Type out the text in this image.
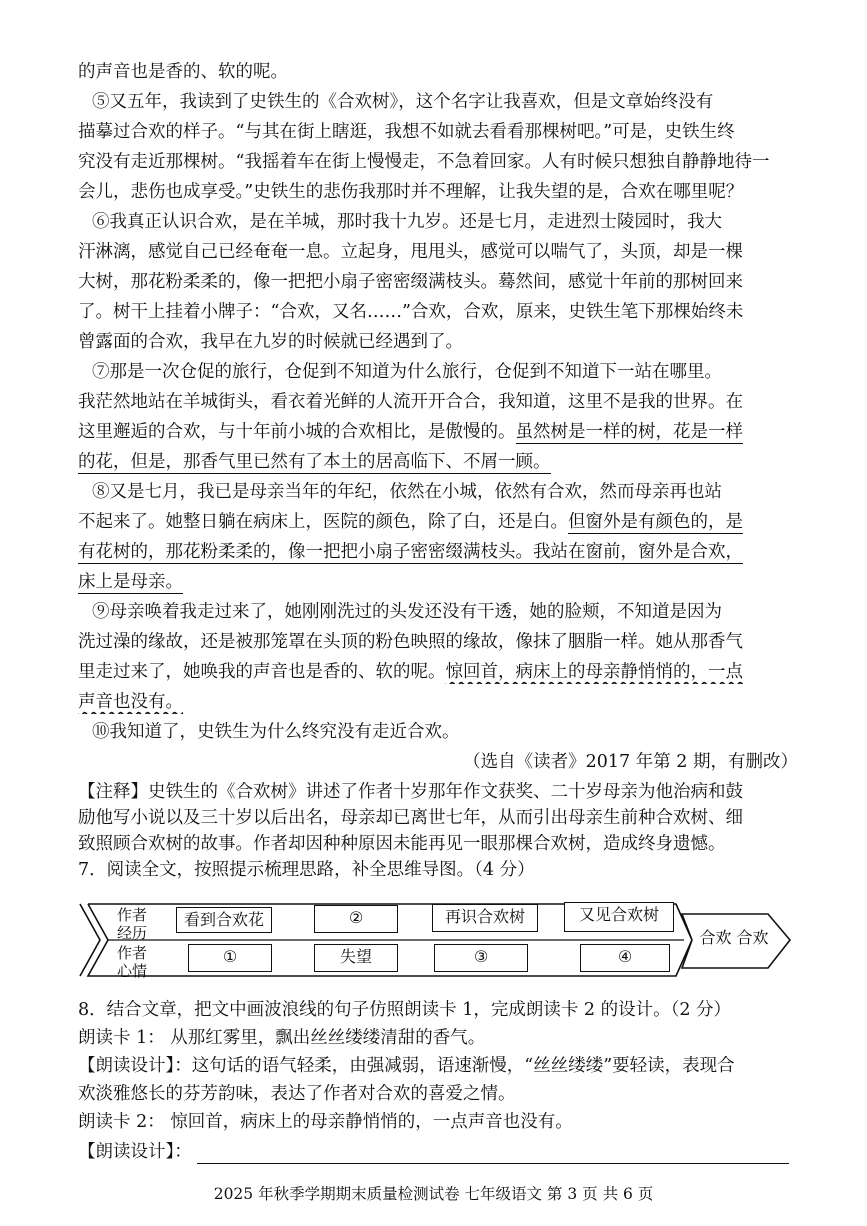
的声音也是香的、软的呢。
⑤又五年，我读到了史铁生的《合欢树》，这个名字让我喜欢，但是文章始终没有
描摹过合欢的样子。“与其在街上瞎逛，我想不如就去看看那棵树吧。”可是，史铁生终
究没有走近那棵树。“我摇着车在街上慢慢走，不急着回家。人有时候只想独自静静地待一
会儿，悲伤也成享受。”史铁生的悲伤我那时并不理解，让我失望的是，合欢在哪里呢？
⑥我真正认识合欢，是在羊城，那时我十九岁。还是七月，走进烈士陵园时，我大
汗淋漓，感觉自己已经奄奄一息。立起身，甩甩头，感觉可以喘气了，头顶，却是一棵
大树，那花粉柔柔的，像一把把小扇子密密缀满枝头。蓦然间，感觉十年前的那树回来
了。树干上挂着小牌子：“合欢，又名……”合欢，合欢，原来，史铁生笔下那棵始终未
曾露面的合欢，我早在九岁的时候就已经遇到了。
⑦那是一次仓促的旅行，仓促到不知道为什么旅行，仓促到不知道下一站在哪里。
我茫然地站在羊城街头，看衣着光鲜的人流开开合合，我知道，这里不是我的世界。在
这里邂逅的合欢，与十年前小城的合欢相比，是傲慢的。虽然树是一样的树，花是一样
的花，但是，那香气里已然有了本土的居高临下、不屑一顾。
⑧又是七月，我已是母亲当年的年纪，依然在小城，依然有合欢，然而母亲再也站
不起来了。她整日躺在病床上，医院的颜色，除了白，还是白。但窗外是有颜色的，是
有花树的，那花粉柔柔的，像一把把小扇子密密缀满枝头。我站在窗前，窗外是合欢，
床上是母亲。
⑨母亲唤着我走过来了，她刚刚洗过的头发还没有干透，她的脸颊，不知道是因为
洗过澡的缘故，还是被那笼罩在头顶的粉色映照的缘故，像抹了胭脂一样。她从那香气
里走过来了，她唤我的声音也是香的、软的呢。惊回首，病床上的母亲静悄悄的，一点
声音也没有。
⑩我知道了，史铁生为什么终究没有走近合欢。
（选自《读者》2017 年第 2 期，有删改）
【注释】史铁生的《合欢树》讲述了作者十岁那年作文获奖、二十岁母亲为他治病和鼓
励他写小说以及三十岁以后出名，母亲却已离世七年，从而引出母亲生前种合欢树、细
致照顾合欢树的故事。作者却因种种原因未能再见一眼那棵合欢树，造成终身遗憾。
7．阅读全文，按照提示梳理思路，补全思维导图。（4 分）
作者
经历
作者
心情
看到合欢花	②	再识合欢树	又见合欢树
①	失望	③	④
合欢 合欢
8．结合文章，把文中画波浪线的句子仿照朗读卡 1，完成朗读卡 2 的设计。（2 分）
朗读卡 1： 从那红雾里，飘出丝丝缕缕清甜的香气。
【朗读设计】：这句话的语气轻柔，由强减弱，语速渐慢，“丝丝缕缕”要轻读，表现合
欢淡雅悠长的芬芳韵味，表达了作者对合欢的喜爱之情。
朗读卡 2： 惊回首，病床上的母亲静悄悄的，一点声音也没有。
【朗读设计】：
2025 年秋季学期期末质量检测试卷 七年级语文 第 3 页 共 6 页
